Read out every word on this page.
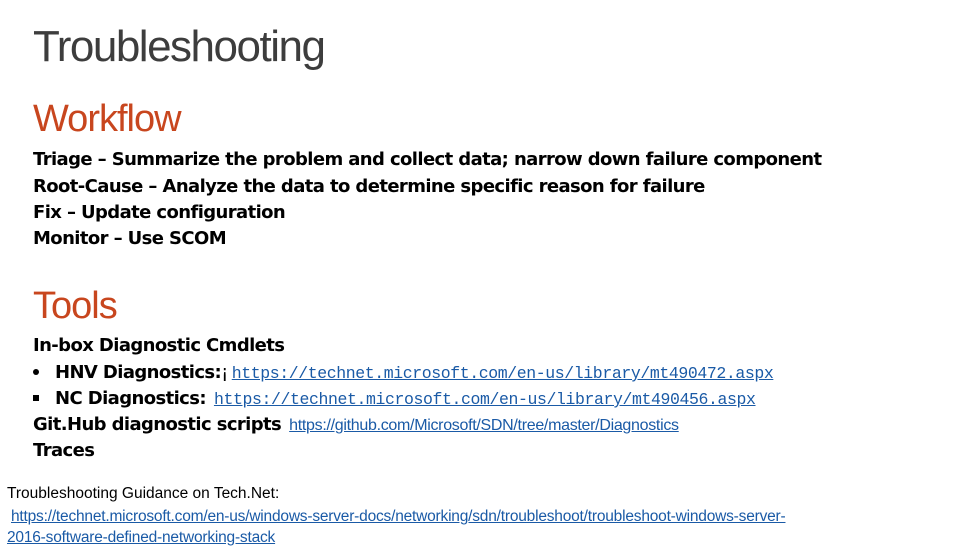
Troubleshooting
Workflow
Triage – Summarize the problem and collect data; narrow down failure component
Root-Cause – Analyze the data to determine specific reason for failure
Fix – Update configuration
Monitor – Use SCOM
Tools
In-box Diagnostic Cmdlets
HNV Diagnostics:¡ https://technet.microsoft.com/en-us/library/mt490472.aspx
NC Diagnostics: https://technet.microsoft.com/en-us/library/mt490456.aspx
Git.Hub diagnostic scripts https://github.com/Microsoft/SDN/tree/master/Diagnostics
Traces
Troubleshooting Guidance on Tech.Net:
https://technet.microsoft.com/en-us/windows-server-docs/networking/sdn/troubleshoot/troubleshoot-windows-server-
2016-software-defined-networking-stack
